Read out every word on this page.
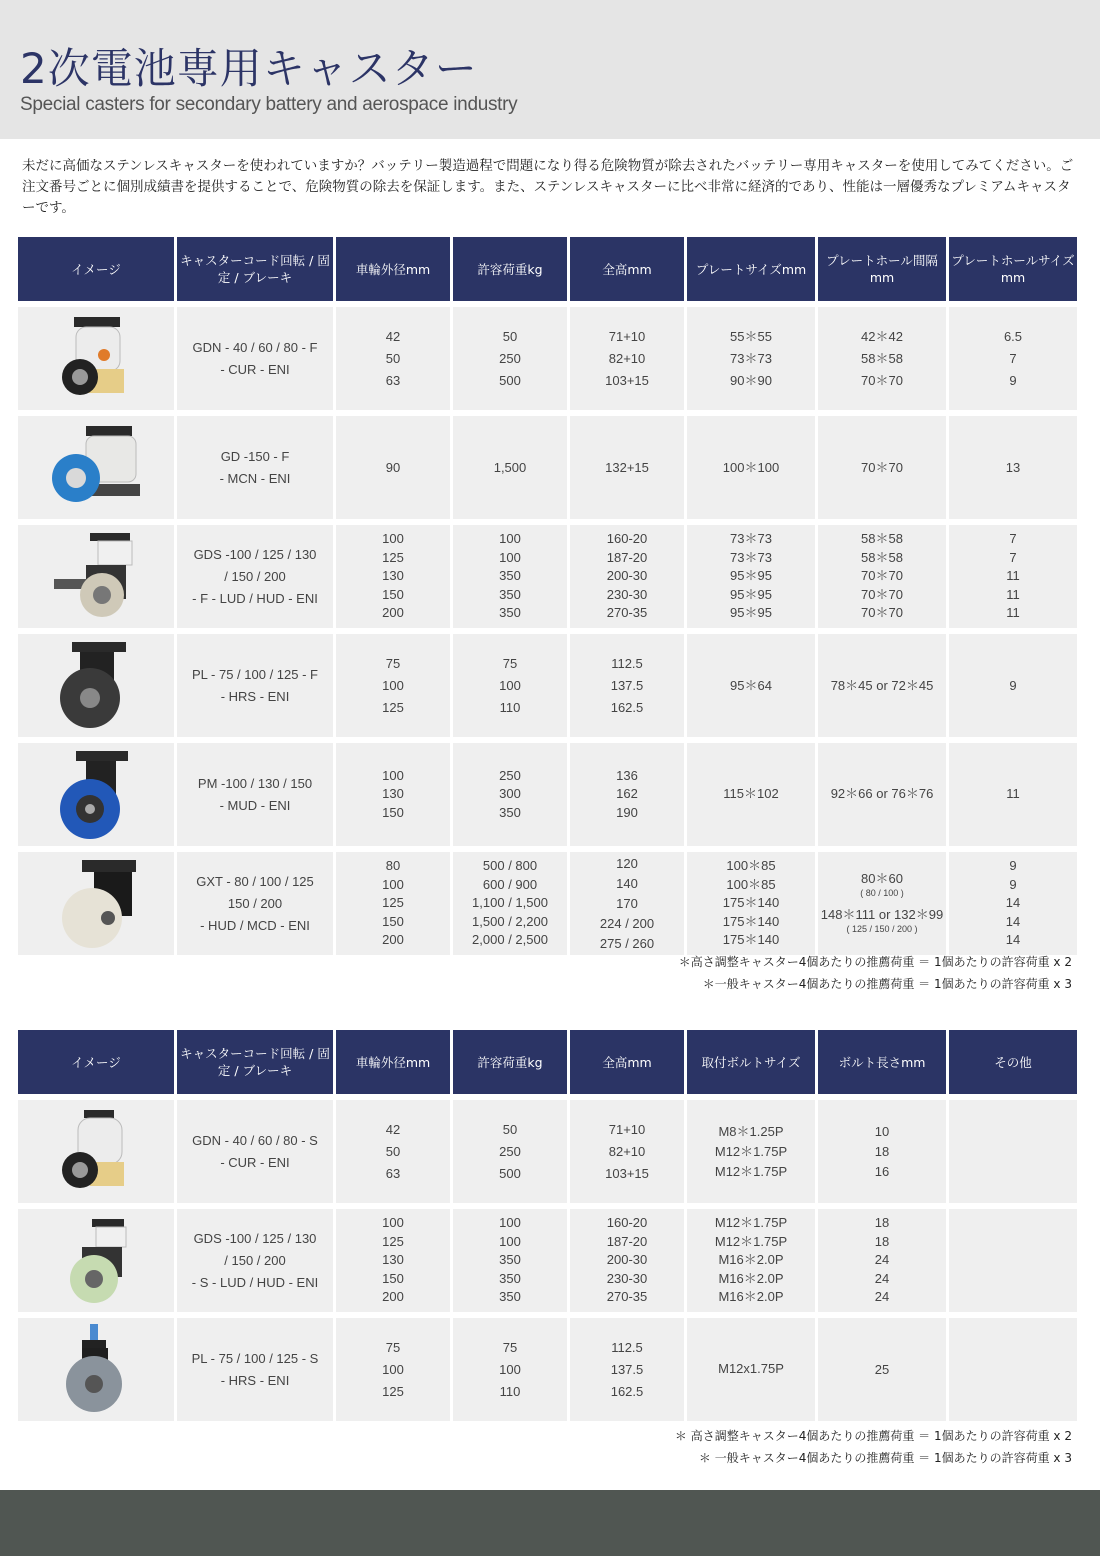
2次電池専用キャスター
Special casters for secondary battery and aerospace industry

未だに高価なステンレスキャスターを使われていますか？バッテリー製造過程で問題になり得る危険物質が除去されたバッテリー専用キャスターを使用してみてください。ご注文番号ごとに個別成績書を提供することで、危険物質の除去を保証します。また、ステンレスキャスターに比べ非常に経済的であり、性能は一層優秀なプレミアムキャスターです。

イメージ	キャスターコード回転 / 固定 / ブレーキ	車輪外径mm	許容荷重kg	全高mm	プレートサイズmm	プレートホール間隔mm	プレートホールサイズmm

GDN - 40 / 60 / 80 - F
- CUR - ENI	42
50
63	50
250
500	71+10
82+10
103+15	55＊55
73＊73
90＊90	42＊42
58＊58
70＊70	6.5
7
9

GD -150 - F
- MCN - ENI	90	1,500	132+15	100＊100	70＊70	13

GDS -100 / 125 / 130
/ 150 / 200
- F - LUD / HUD - ENI	100
125
130
150
200	100
100
350
350
350	160-20
187-20
200-30
230-30
270-35	73＊73
73＊73
95＊95
95＊95
95＊95	58＊58
58＊58
70＊70
70＊70
70＊70	7
7
11
11
11

PL - 75 / 100 / 125 - F
- HRS - ENI	75
100
125	75
100
110	112.5
137.5
162.5	95＊64	78＊45 or 72＊45	9

PM -100 / 130 / 150
- MUD - ENI	100
130
150	250
300
350	136
162
190	115＊102	92＊66 or 76＊76	11

GXT - 80 / 100 / 125
150 / 200
- HUD / MCD - ENI	80
100
125
150
200	500 / 800
600 / 900
1,100 / 1,500
1,500 / 2,200
2,000 / 2,500	120
140
170
224 / 200
275 / 260	100＊85
100＊85
175＊140
175＊140
175＊140	80＊60
( 80 / 100 )
148＊111 or 132＊99
( 125 / 150 / 200 )	9
9
14
14
14
＊高さ調整キャスター4個あたりの推薦荷重 ＝ 1個あたりの許容荷重 x 2
＊一般キャスター4個あたりの推薦荷重 ＝ 1個あたりの許容荷重 x 3
イメージ	キャスターコード回転 / 固定 / ブレーキ	車輪外径mm	許容荷重kg	全高mm	取付ボルトサイズ	ボルト長さmm	その他

GDN - 40 / 60 / 80 - S
- CUR - ENI	42
50
63	50
250
500	71+10
82+10
103+15	M8＊1.25P
M12＊1.75P
M12＊1.75P	10
18
16	

GDS -100 / 125 / 130
/ 150 / 200
- S - LUD / HUD - ENI	100
125
130
150
200	100
100
350
350
350	160-20
187-20
200-30
230-30
270-35	M12＊1.75P
M12＊1.75P
M16＊2.0P
M16＊2.0P
M16＊2.0P	18
18
24
24
24	

PL - 75 / 100 / 125 - S
- HRS - ENI	75
100
125	75
100
110	112.5
137.5
162.5	M12x1.75P	25	

＊ 高さ調整キャスター4個あたりの推薦荷重 ＝ 1個あたりの許容荷重 x 2
＊ 一般キャスター4個あたりの推薦荷重 ＝ 1個あたりの許容荷重 x 3
